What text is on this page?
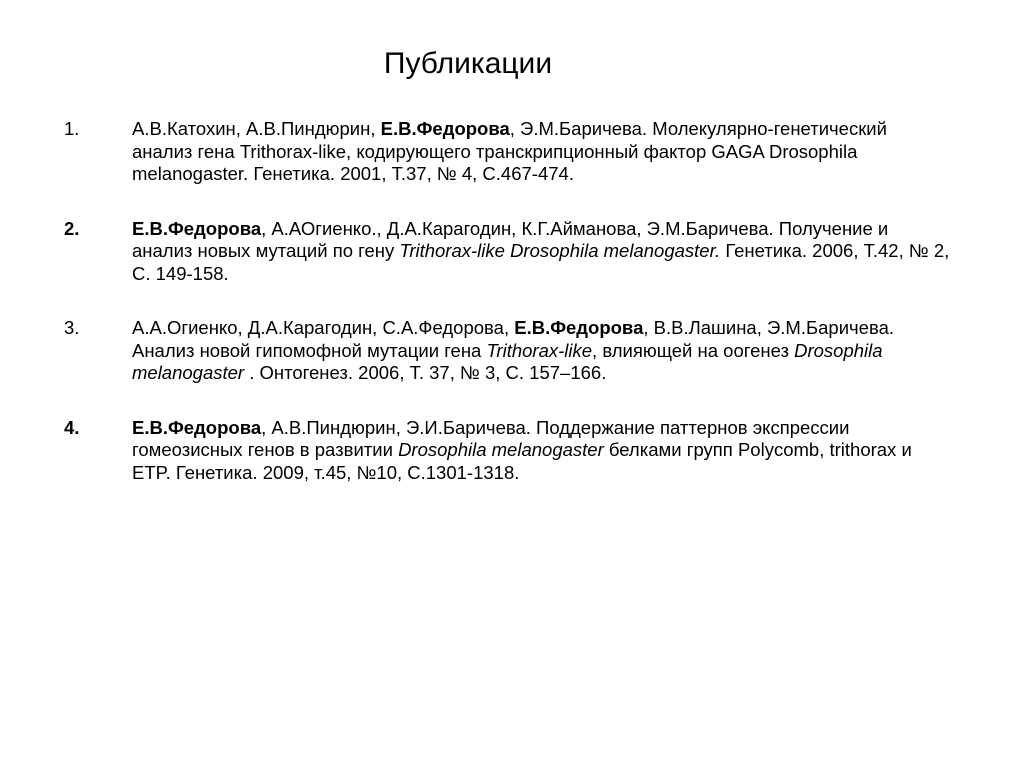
Публикации
1.	А.В.Катохин, А.В.Пиндюрин, Е.В.Федорова, Э.М.Баричева. Молекулярно-генетический анализ гена Trithorax-like, кодирующего транскрипционный фактор GAGA Drosophila melanogaster. Генетика. 2001, Т.37, № 4, С.467-474.
2.	Е.В.Федорова, А.АОгиенко., Д.А.Карагодин, К.Г.Айманова, Э.М.Баричева. Получение и анализ новых мутаций по гену Trithorax-like Drosophila melanogaster. Генетика. 2006, Т.42, № 2, С. 149-158.
3.	А.А.Огиенко, Д.А.Карагодин, С.А.Федорова, Е.В.Федорова, В.В.Лашина, Э.М.Баричева. Анализ новой гипомофной мутации гена Trithorax-like, влияющей на оогенез Drosophila melanogaster . Онтогенез. 2006, Т. 37, № 3, С. 157–166.
4.	Е.В.Федорова, А.В.Пиндюрин, Э.И.Баричева. Поддержание паттернов экспрессии гомеозисных генов в развитии Drosophila melanogaster белками групп Polycomb, trithorax и ETP. Генетика. 2009, т.45, №10, С.1301-1318.
